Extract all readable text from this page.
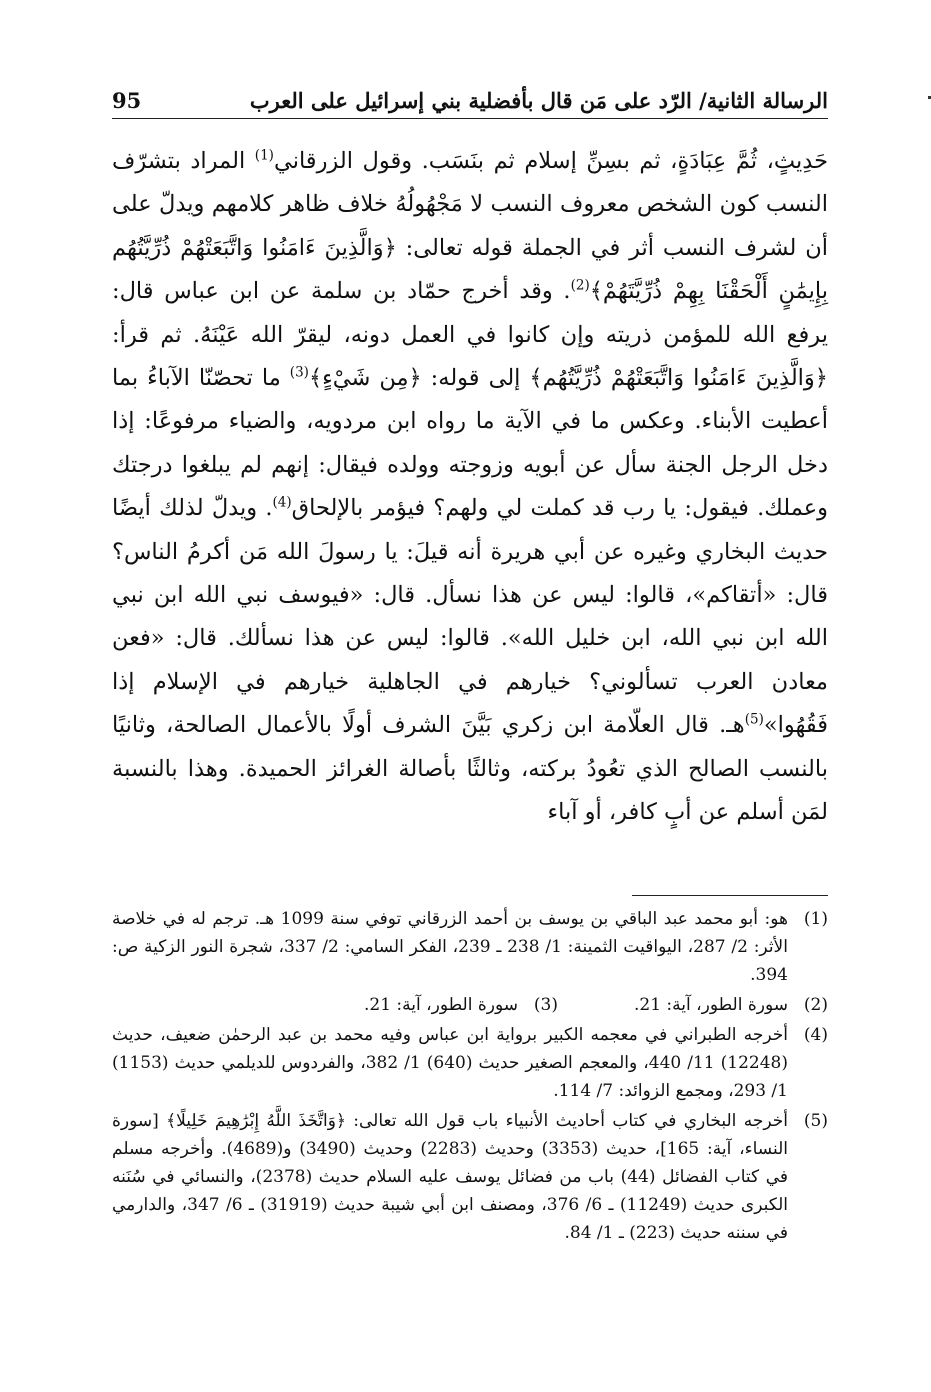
الرسالة الثانية/ الرّد على مَن قال بأفضلية بني إسرائيل على العرب
95

حَدِيثٍ، ثُمَّ عِبَادَةٍ، ثم بسِنِّ إسلام ثم بنَسَب. وقول الزرقاني$^{(1)}$ المراد بتشرّف النسب كون الشخص معروف النسب لا مَجْهُولُهُ خلاف ظاهر كلامهم ويدلّ على أن لشرف النسب أثر في الجملة قوله تعالى: ﴿وَالَّذِينَ ءَامَنُوا وَاتَّبَعَتْهُمْ ذُرِّيَّتُهُم بِإِيمَٰنٍ أَلْحَقْنَا بِهِمْ ذُرِّيَّتَهُمْ﴾$^{(2)}$. وقد أخرج حمّاد بن سلمة عن ابن عباس قال: يرفع الله للمؤمن ذريته وإن كانوا في العمل دونه، ليقرّ الله عَيْنَهُ. ثم قرأ: ﴿وَالَّذِينَ ءَامَنُوا وَاتَّبَعَتْهُمْ ذُرِّيَّتُهُم﴾ إلى قوله: ﴿مِن شَيْءٍ﴾$^{(3)}$ ما تحصّنّا الآباءُ بما أعطيت الأبناء. وعكس ما في الآية ما رواه ابن مردويه، والضياء مرفوعًا: إذا دخل الرجل الجنة سأل عن أبويه وزوجته وولده فيقال: إنهم لم يبلغوا درجتك وعملك. فيقول: يا رب قد كملت لي ولهم؟ فيؤمر بالإلحاق$^{(4)}$. ويدلّ لذلك أيضًا حديث البخاري وغيره عن أبي هريرة أنه قيلَ: يا رسولَ الله مَن أكرمُ الناس؟ قال: «أتقاكم»، قالوا: ليس عن هذا نسأل. قال: «فيوسف نبي الله ابن نبي الله ابن نبي الله، ابن خليل الله». قالوا: ليس عن هذا نسألك. قال: «فعن معادن العرب تسألوني؟ خيارهم في الجاهلية خيارهم في الإسلام إذا فَقُهُوا»$^{(5)}$هـ. قال العلّامة ابن زكري بَيَّنَ الشرف أولًا بالأعمال الصالحة، وثانيًا بالنسب الصالح الذي تعُودُ بركته، وثالثًا بأصالة الغرائز الحميدة. وهذا بالنسبة لمَن أسلم عن أبٍ كافر، أو آباء

(1)
هو: أبو محمد عبد الباقي بن يوسف بن أحمد الزرقاني توفي سنة 1099 هـ. ترجم له في خلاصة الأثر: 2/ 287، اليواقيت الثمينة: 1/ 238 ـ 239، الفكر السامي: 2/ 337، شجرة النور الزكية ص: 394.
(2)
سورة الطور، آية: 21.
(3)
سورة الطور، آية: 21.
(4)
أخرجه الطبراني في معجمه الكبير برواية ابن عباس وفيه محمد بن عبد الرحمٰن ضعيف، حديث (12248) 11/ 440، والمعجم الصغير حديث (640) 1/ 382، والفردوس للديلمي حديث (1153) 1/ 293، ومجمع الزوائد: 7/ 114.
(5)
أخرجه البخاري في كتاب أحاديث الأنبياء باب قول الله تعالى: ﴿وَاتَّخَذَ اللَّهُ إِبْرَٰهِيمَ خَلِيلًا﴾ [سورة النساء، آية: 165]، حديث (3353) وحديث (2283) وحديث (3490) و(4689). وأخرجه مسلم في كتاب الفضائل (44) باب من فضائل يوسف عليه السلام حديث (2378)، والنسائي في سُنَنه الكبرى حديث (11249) ـ 6/ 376، ومصنف ابن أبي شيبة حديث (31919) ـ 6/ 347، والدارمي في سننه حديث (223) ـ 1/ 84.
